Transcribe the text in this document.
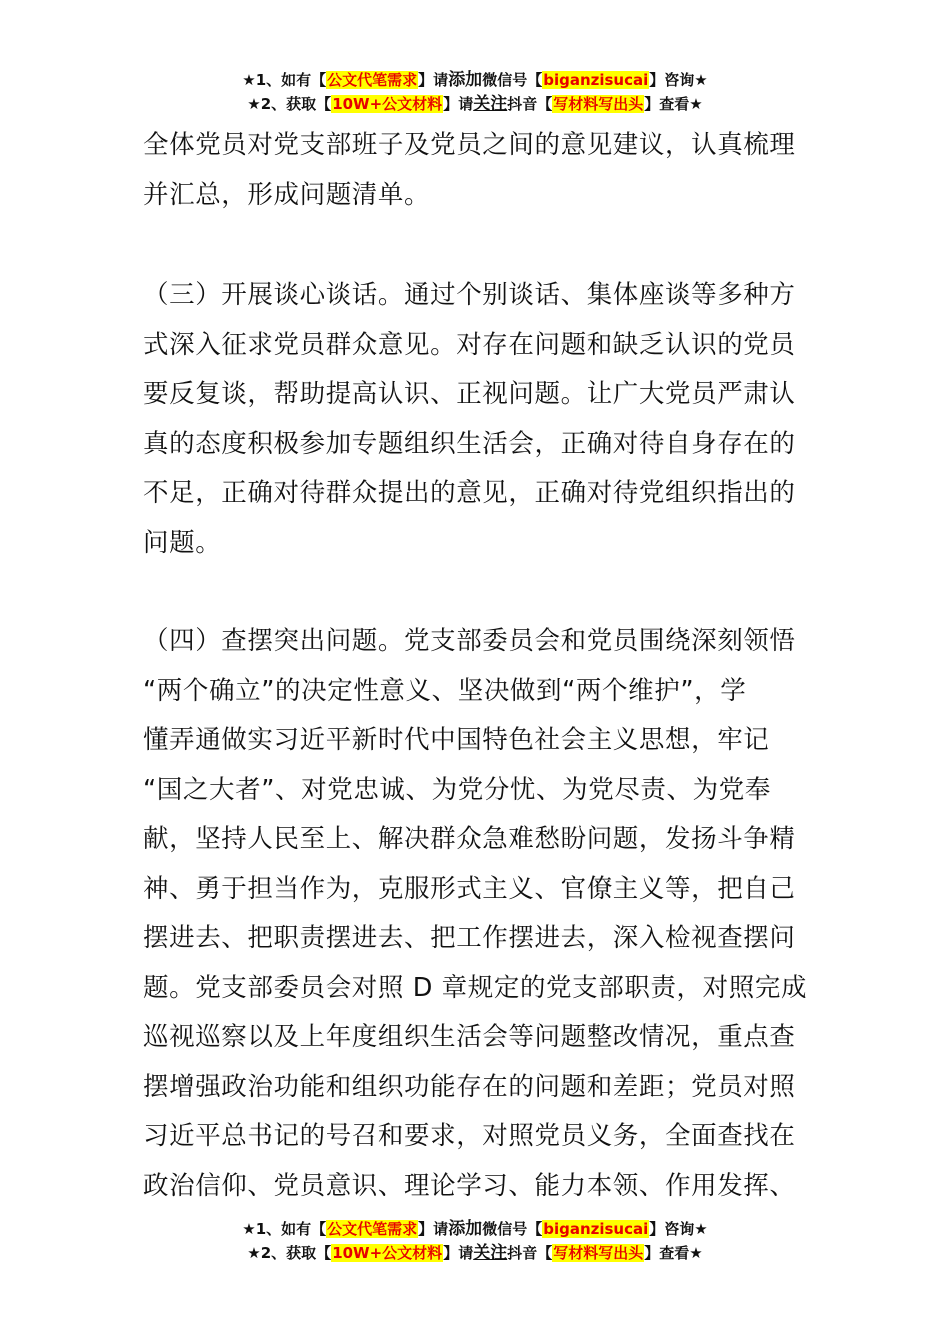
★1、如有【公文代笔需求】请添加微信号【biganzisucai】咨询★
★2、获取【10W+公文材料】请关注抖音【写材料写出头】查看★
全体党员对党支部班子及党员之间的意见建议，认真梳理
并汇总，形成问题清单。
（三）开展谈心谈话。通过个别谈话、集体座谈等多种方
式深入征求党员群众意见。对存在问题和缺乏认识的党员
要反复谈，帮助提高认识、正视问题。让广大党员严肃认
真的态度积极参加专题组织生活会，正确对待自身存在的
不足，正确对待群众提出的意见，正确对待党组织指出的
问题。
（四）查摆突出问题。党支部委员会和党员围绕深刻领悟
“两个确立”的决定性意义、坚决做到“两个维护”，学
懂弄通做实习近平新时代中国特色社会主义思想，牢记
“国之大者”、对党忠诚、为党分忧、为党尽责、为党奉
献，坚持人民至上、解决群众急难愁盼问题，发扬斗争精
神、勇于担当作为，克服形式主义、官僚主义等，把自己
摆进去、把职责摆进去、把工作摆进去，深入检视查摆问
题。党支部委员会对照 D 章规定的党支部职责，对照完成
巡视巡察以及上年度组织生活会等问题整改情况，重点查
摆增强政治功能和组织功能存在的问题和差距；党员对照
习近平总书记的号召和要求，对照党员义务，全面查找在
政治信仰、党员意识、理论学习、能力本领、作用发挥、
★1、如有【公文代笔需求】请添加微信号【biganzisucai】咨询★
★2、获取【10W+公文材料】请关注抖音【写材料写出头】查看★
